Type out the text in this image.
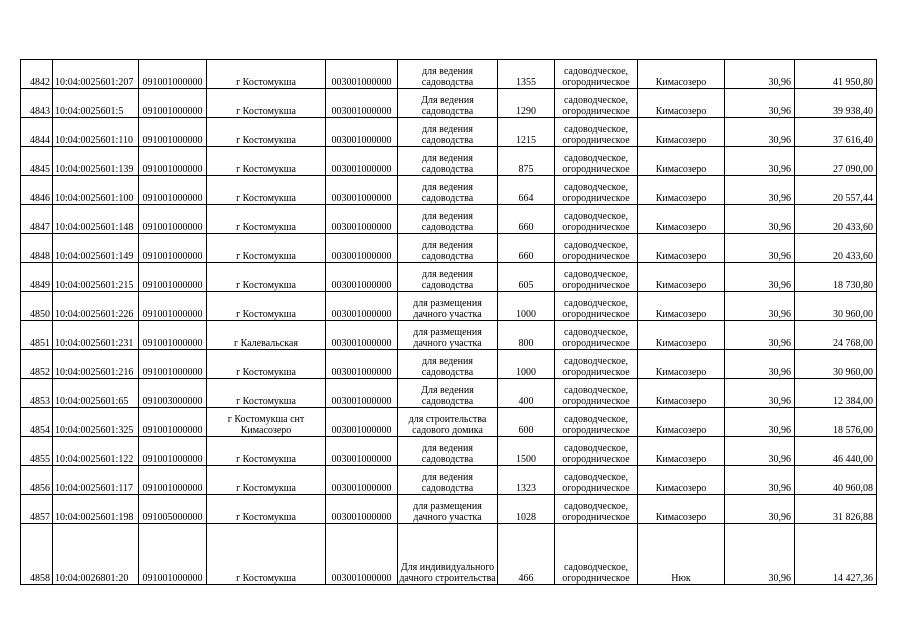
4842	10:04:0025601:207	091001000000	г Костомукша	003001000000	для ведения садоводства	1355	садоводческое, огородническое	Кимасозеро	30,96	41 950,80
4843	10:04:0025601:5	091001000000	г Костомукша	003001000000	Для ведения садоводства	1290	садоводческое, огородническое	Кимасозеро	30,96	39 938,40
4844	10:04:0025601:110	091001000000	г Костомукша	003001000000	для ведения садоводства	1215	садоводческое, огородническое	Кимасозеро	30,96	37 616,40
4845	10:04:0025601:139	091001000000	г Костомукша	003001000000	для ведения садоводства	875	садоводческое, огородническое	Кимасозеро	30,96	27 090,00
4846	10:04:0025601:100	091001000000	г Костомукша	003001000000	для ведения садоводства	664	садоводческое, огородническое	Кимасозеро	30,96	20 557,44
4847	10:04:0025601:148	091001000000	г Костомукша	003001000000	для ведения садоводства	660	садоводческое, огородническое	Кимасозеро	30,96	20 433,60
4848	10:04:0025601:149	091001000000	г Костомукша	003001000000	для ведения садоводства	660	садоводческое, огородническое	Кимасозеро	30,96	20 433,60
4849	10:04:0025601:215	091001000000	г Костомукша	003001000000	для ведения садоводства	605	садоводческое, огородническое	Кимасозеро	30,96	18 730,80
4850	10:04:0025601:226	091001000000	г Костомукша	003001000000	для размещения дачного участка	1000	садоводческое, огородническое	Кимасозеро	30,96	30 960,00
4851	10:04:0025601:231	091001000000	г Калевальская	003001000000	для размещения дачного участка	800	садоводческое, огородническое	Кимасозеро	30,96	24 768,00
4852	10:04:0025601:216	091001000000	г Костомукша	003001000000	для ведения садоводства	1000	садоводческое, огородническое	Кимасозеро	30,96	30 960,00
4853	10:04:0025601:65	091003000000	г Костомукша	003001000000	Для ведения садоводства	400	садоводческое, огородническое	Кимасозеро	30,96	12 384,00
4854	10:04:0025601:325	091001000000	г Костомукша снт Кимасозеро	003001000000	для строительства садового домика	600	садоводческое, огородническое	Кимасозеро	30,96	18 576,00
4855	10:04:0025601:122	091001000000	г Костомукша	003001000000	для ведения садоводства	1500	садоводческое, огородническое	Кимасозеро	30,96	46 440,00
4856	10:04:0025601:117	091001000000	г Костомукша	003001000000	для ведения садоводства	1323	садоводческое, огородническое	Кимасозеро	30,96	40 960,08
4857	10:04:0025601:198	091005000000	г Костомукша	003001000000	для размещения дачного участка	1028	садоводческое, огородническое	Кимасозеро	30,96	31 826,88
4858	10:04:0026801:20	091001000000	г Костомукша	003001000000	Для индивидуального дачного строительства	466	садоводческое, огородническое	Нюк	30,96	14 427,36
